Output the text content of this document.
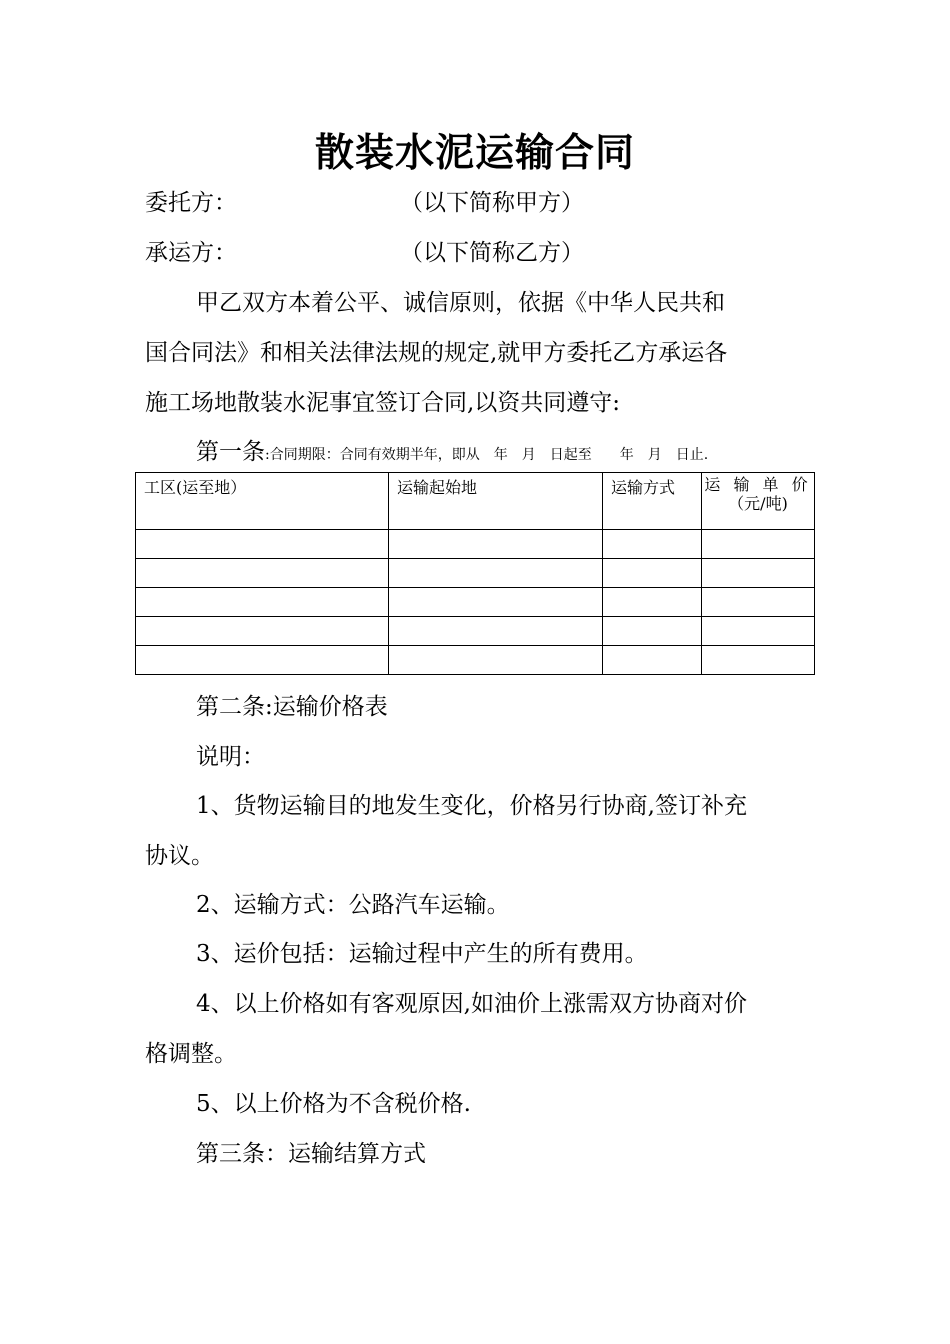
散装水泥运输合同
委托方：	（以下简称甲方）
承运方：	（以下简称乙方）
甲乙双方本着公平、诚信原则，依据《中华人民共和
国合同法》和相关法律法规的规定,就甲方委托乙方承运各
施工场地散装水泥事宜签订合同,以资共同遵守:
第一条:合同期限：合同有效期半年，即从　年　月　日起至　　年　月　日止.
工区(运至地）	运输起始地	运输方式	运 输 单 价
（元/吨)

第二条:运输价格表
说明：
1、货物运输目的地发生变化，价格另行协商,签订补充
协议。
2、运输方式：公路汽车运输。
3、运价包括：运输过程中产生的所有费用。
4、以上价格如有客观原因,如油价上涨需双方协商对价
格调整。
5、以上价格为不含税价格.
第三条：运输结算方式
